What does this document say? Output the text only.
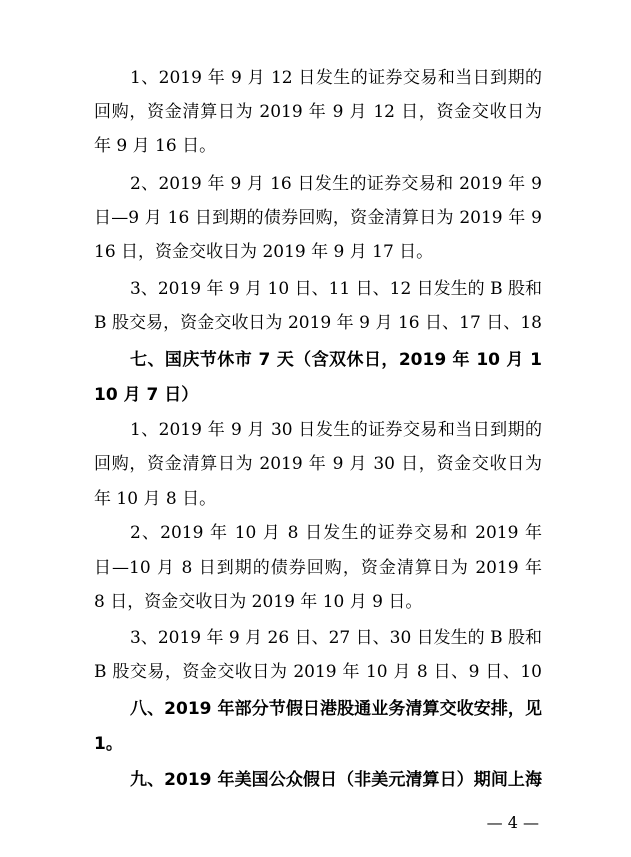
1、2019 年 9 月 12 日发生的证券交易和当日到期的
回购，资金清算日为 2019 年 9 月 12 日，资金交收日为
年 9 月 16 日。
2、2019 年 9 月 16 日发生的证券交易和 2019 年 9
日—9 月 16 日到期的债券回购，资金清算日为 2019 年 9
16 日，资金交收日为 2019 年 9 月 17 日。
3、2019 年 9 月 10 日、11 日、12 日发生的 B 股和
B 股交易，资金交收日为 2019 年 9 月 16 日、17 日、18
七、国庆节休市 7 天（含双休日，2019 年 10 月 1
10 月 7 日）
1、2019 年 9 月 30 日发生的证券交易和当日到期的
回购，资金清算日为 2019 年 9 月 30 日，资金交收日为
年 10 月 8 日。
2、2019 年 10 月 8 日发生的证券交易和 2019 年
日—10 月 8 日到期的债券回购，资金清算日为 2019 年
8 日，资金交收日为 2019 年 10 月 9 日。
3、2019 年 9 月 26 日、27 日、30 日发生的 B 股和
B 股交易，资金交收日为 2019 年 10 月 8 日、9 日、10
八、2019 年部分节假日港股通业务清算交收安排，见
1。
九、2019 年美国公众假日（非美元清算日）期间上海
— 4 —
